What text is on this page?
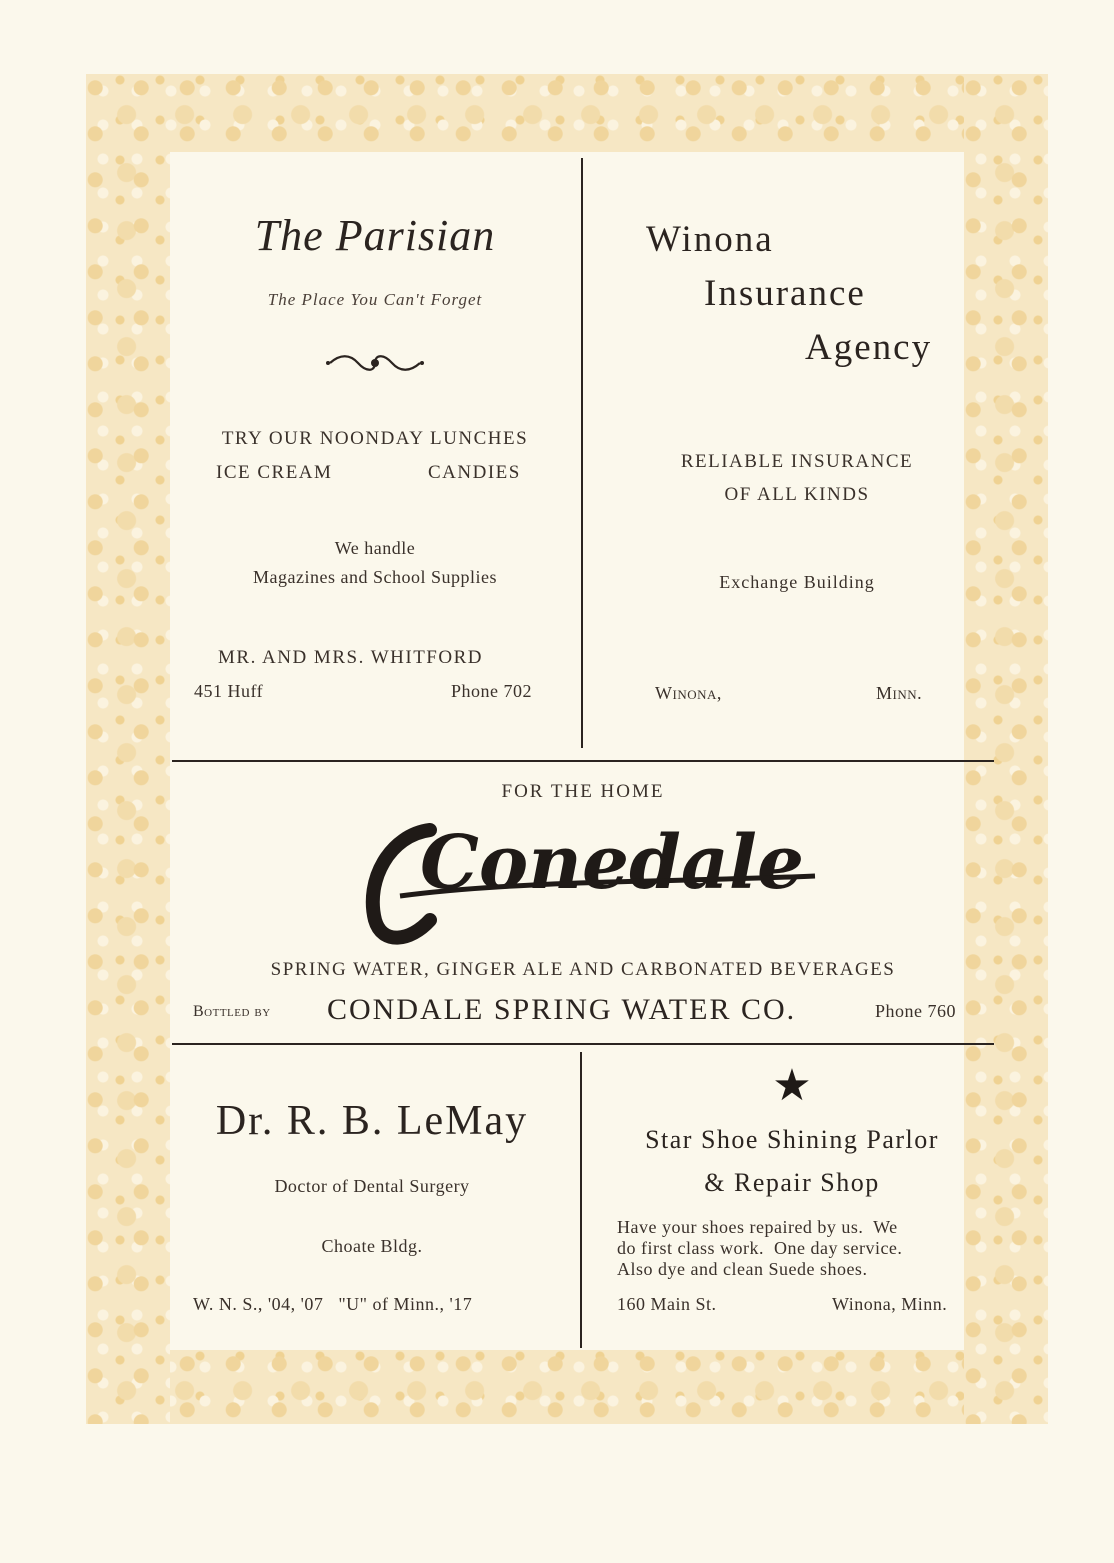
The Parisian
The Place You Can't Forget
TRY OUR NOONDAY LUNCHES
ICE CREAM	CANDIES
We handle
Magazines and School Supplies
MR. AND MRS. WHITFORD
451 Huff	Phone 702
Winona
Insurance
Agency
RELIABLE INSURANCE
OF ALL KINDS
Exchange Building
Winona,	Minn.
FOR THE HOME
Conedale
SPRING WATER, GINGER ALE AND CARBONATED BEVERAGES
Bottled by CONDALE SPRING WATER CO.	Phone 760
Dr. R. B. LeMay
Doctor of Dental Surgery
Choate Bldg.
W. N. S., '04, '07   "U" of Minn., '17
★
Star Shoe Shining Parlor
& Repair Shop
Have your shoes repaired by us.  We
do first class work.  One day service.
Also dye and clean Suede shoes.
160 Main St.	Winona, Minn.
